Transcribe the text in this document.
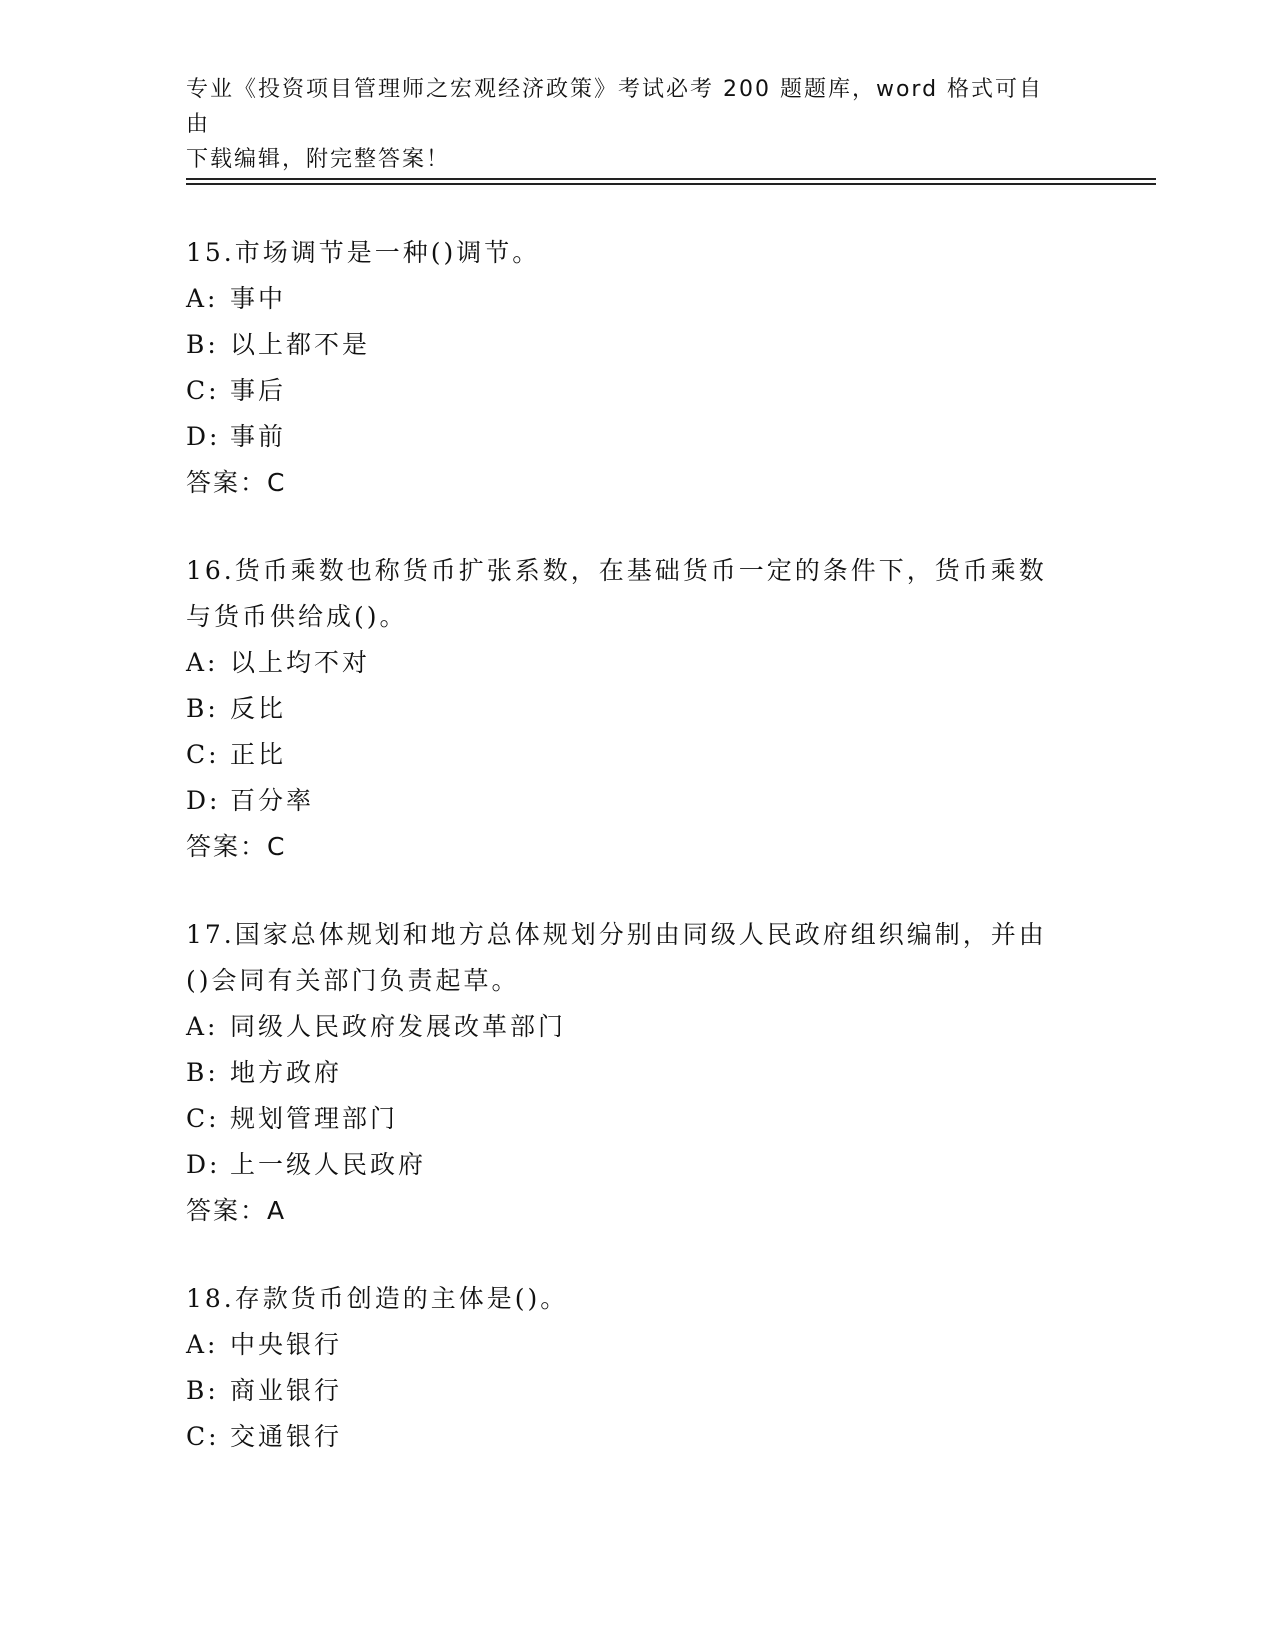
专业《投资项目管理师之宏观经济政策》考试必考 200 题题库，word 格式可自由
下载编辑，附完整答案！
15.市场调节是一种()调节。
A: 事中
B: 以上都不是
C: 事后
D: 事前
答案：C
16.货币乘数也称货币扩张系数，在基础货币一定的条件下，货币乘数
与货币供给成()。
A: 以上均不对
B: 反比
C: 正比
D: 百分率
答案：C
17.国家总体规划和地方总体规划分别由同级人民政府组织编制，并由
()会同有关部门负责起草。
A: 同级人民政府发展改革部门
B: 地方政府
C: 规划管理部门
D: 上一级人民政府
答案：A
18.存款货币创造的主体是()。
A: 中央银行
B: 商业银行
C: 交通银行
